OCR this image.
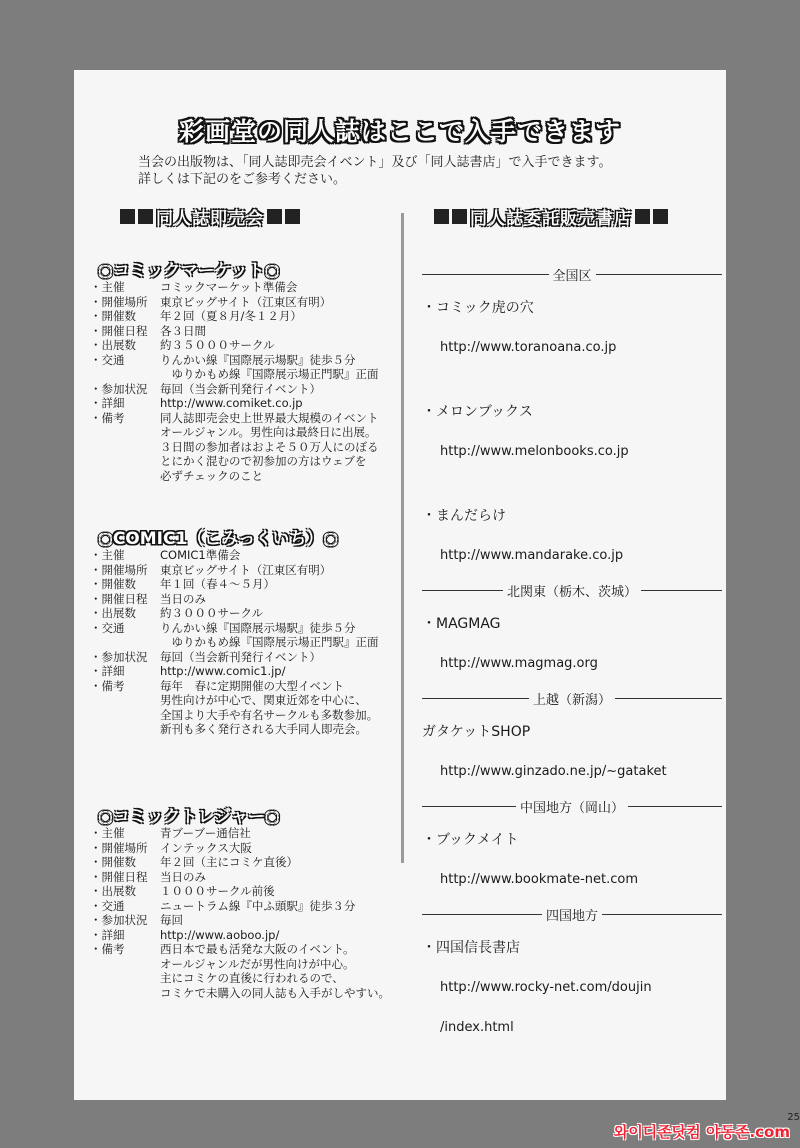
彩画堂の同人誌はここで入手できます
当会の出版物は、「同人誌即売会イベント」及び「同人誌書店」で入手できます。
詳しくは下記のをご参考ください。
同人誌即売会	同人誌委託販売書店
○コミックマーケット○
・主催	コミックマーケット準備会
・開催場所	東京ビッグサイト（江東区有明）
・開催数	年２回（夏８月/冬１２月）
・開催日程	各３日間
・出展数	約３５０００サークル
・交通	りんかい線『国際展示場駅』徒歩５分
　ゆりかもめ線『国際展示場正門駅』正面
・参加状況	毎回（当会新刊発行イベント）
・詳細	http://www.comiket.co.jp
・備考	同人誌即売会史上世界最大規模のイベント
オールジャンル。男性向は最終日に出展。
３日間の参加者はおよそ５０万人にのぼる
とにかく混むので初参加の方はウェブを
必ずチェックのこと
○COMIC1（こみっくいち）○
・主催	COMIC1準備会
・開催場所	東京ビッグサイト（江東区有明）
・開催数	年１回（春４～５月）
・開催日程	当日のみ
・出展数	約３０００サークル
・交通	りんかい線『国際展示場駅』徒歩５分
　ゆりかもめ線『国際展示場正門駅』正面
・参加状況	毎回（当会新刊発行イベント）
・詳細	http://www.comic1.jp/
・備考	毎年　春に定期開催の大型イベント
男性向けが中心で、関東近郊を中心に、
全国より大手や有名サークルも多数参加。
新刊も多く発行される大手同人即売会。
○コミックトレジャー○
・主催	青ブーブー通信社
・開催場所	インテックス大阪
・開催数	年２回（主にコミケ直後）
・開催日程	当日のみ
・出展数	１０００サークル前後
・交通	ニュートラム線『中ふ頭駅』徒歩３分
・参加状況	毎回
・詳細	http://www.aoboo.jp/
・備考	西日本で最も活発な大阪のイベント。
オールジャンルだが男性向けが中心。
主にコミケの直後に行われるので、
コミケで未購入の同人誌も入手がしやすい。
全国区
・コミック虎の穴
http://www.toranoana.co.jp
・メロンブックス
http://www.melonbooks.co.jp
・まんだらけ
http://www.mandarake.co.jp
北関東（栃木、茨城）
・MAGMAG
http://www.magmag.org
上越（新潟）
ガタケットSHOP
http://www.ginzado.ne.jp/~gataket
中国地方（岡山）
・ブックメイト
http://www.bookmate-net.com
四国地方
・四国信長書店
http://www.rocky-net.com/doujin
/index.html
25
와이디존닷컴 야동존.com
